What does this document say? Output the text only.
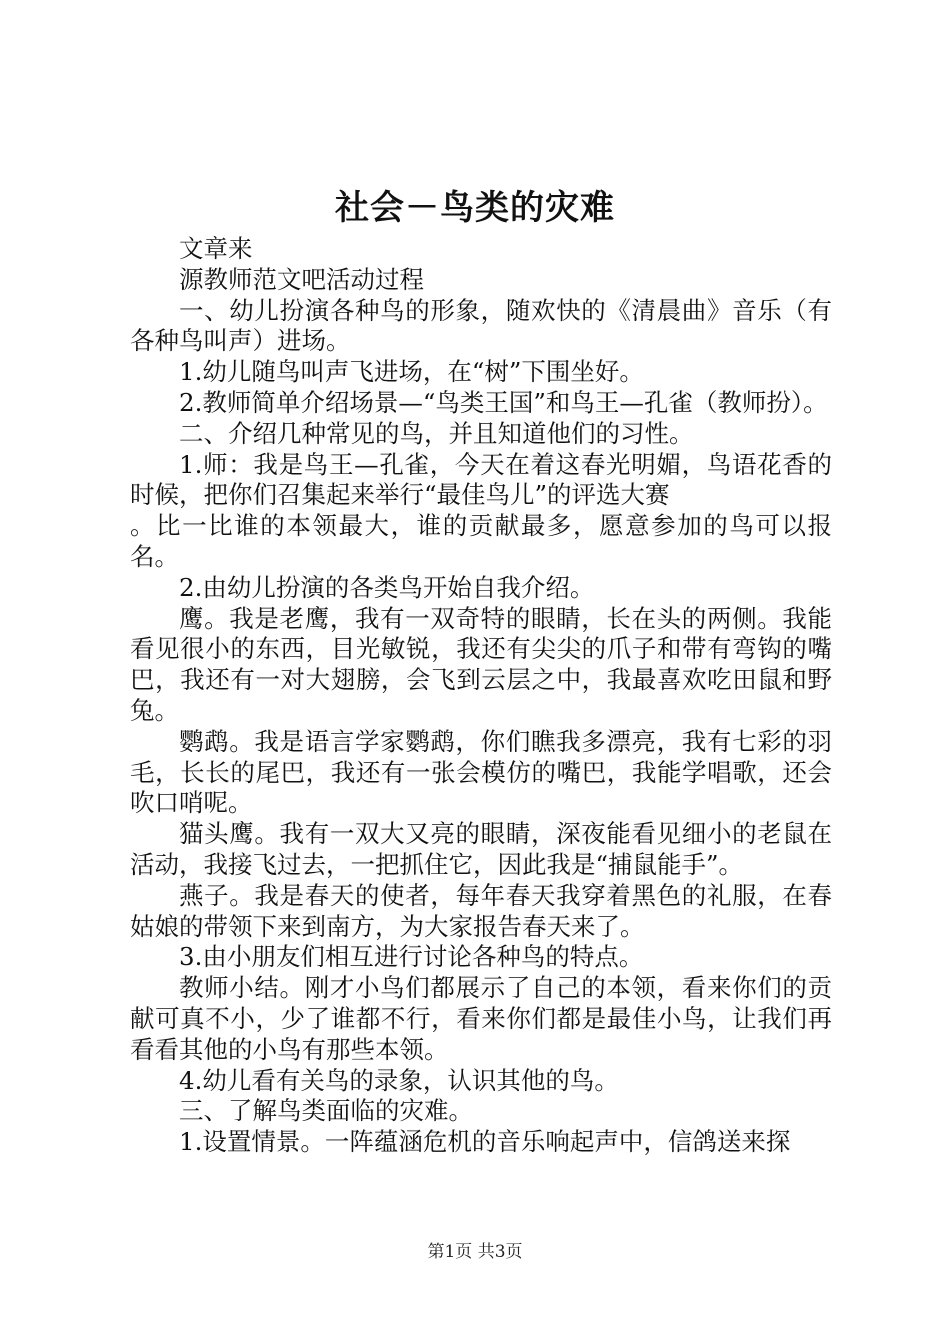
社会－鸟类的灾难

文章来

源教师范文吧活动过程

一、幼儿扮演各种鸟的形象，随欢快的《清晨曲》音乐（有各种鸟叫声）进场。

1.幼儿随鸟叫声飞进场，在“树”下围坐好。

2.教师简单介绍场景—“鸟类王国”和鸟王—孔雀（教师扮）。

二、介绍几种常见的鸟，并且知道他们的习性。

1.师：我是鸟王—孔雀，今天在着这春光明媚，鸟语花香的时候，把你们召集起来举行“最佳鸟儿”的评选大赛

。比一比谁的本领最大，谁的贡献最多，愿意参加的鸟可以报名。

2.由幼儿扮演的各类鸟开始自我介绍。

鹰。我是老鹰，我有一双奇特的眼睛，长在头的两侧。我能看见很小的东西，目光敏锐，我还有尖尖的爪子和带有弯钩的嘴巴，我还有一对大翅膀，会飞到云层之中，我最喜欢吃田鼠和野兔。

鹦鹉。我是语言学家鹦鹉，你们瞧我多漂亮，我有七彩的羽毛，长长的尾巴，我还有一张会模仿的嘴巴，我能学唱歌，还会吹口哨呢。

猫头鹰。我有一双大又亮的眼睛，深夜能看见细小的老鼠在活动，我接飞过去，一把抓住它，因此我是“捕鼠能手”。

燕子。我是春天的使者，每年春天我穿着黑色的礼服，在春姑娘的带领下来到南方，为大家报告春天来了。

3.由小朋友们相互进行讨论各种鸟的特点。

教师小结。刚才小鸟们都展示了自己的本领，看来你们的贡献可真不小，少了谁都不行，看来你们都是最佳小鸟，让我们再看看其他的小鸟有那些本领。

4.幼儿看有关鸟的录象，认识其他的鸟。

三、了解鸟类面临的灾难。

1.设置情景。一阵蕴涵危机的音乐响起声中，信鸽送来探

第1页 共3页
